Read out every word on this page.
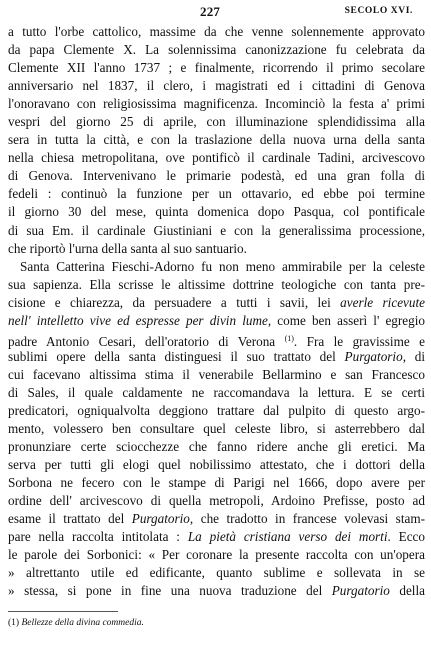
227	SECOLO XVI.
a tutto l'orbe cattolico, massime da che venne solennemente approvato
da papa Clemente X. La solennissima canonizzazione fu celebrata da
Clemente XII l'anno 1737 ; e finalmente, ricorrendo il primo secolare
anniversario nel 1837, il clero, i magistrati ed i cittadini di Genova
l'onoravano con religiosissima magnificenza. Incominciò la festa a' primi
vespri del giorno 25 di aprile, con illuminazione splendidissima alla
sera in tutta la città, e con la traslazione della nuova urna della santa
nella chiesa metropolitana, ove pontificò il cardinale Tadini, arcivescovo
di Genova. Intervenivano le primarie podestà, ed una gran folla di
fedeli : continuò la funzione per un ottavario, ed ebbe poi termine
il giorno 30 del mese, quinta domenica dopo Pasqua, col pontificale
di sua Em. il cardinale Giustiniani e con la generalissima processione,
che riportò l'urna della santa al suo santuario.
Santa Catterina Fieschi-Adorno fu non meno ammirabile per la celeste
sua sapienza. Ella scrisse le altissime dottrine teologiche con tanta pre-
cisione e chiarezza, da persuadere a tutti i savii, lei averle ricevute
nell' intelletto vive ed espresse per divin lume, come ben asserì l' egregio
padre Antonio Cesari, dell'oratorio di Verona $^{(1)}$. Fra le gravissime e
sublimi opere della santa distinguesi il suo trattato del Purgatorio, di
cui facevano altissima stima il venerabile Bellarmino e san Francesco
di Sales, il quale caldamente ne raccomandava la lettura. E se certi
predicatori, ogniqualvolta deggiono trattare dal pulpito di questo argo-
mento, volessero ben consultare quel celeste libro, si asterrebbero dal
pronunziare certe sciocchezze che fanno ridere anche gli eretici. Ma
serva per tutti gli elogi quel nobilissimo attestato, che i dottori della
Sorbona ne fecero con le stampe di Parigi nel 1666, dopo avere per
ordine dell' arcivescovo di quella metropoli, Ardoino Prefisse, posto ad
esame il trattato del Purgatorio, che tradotto in francese volevasi stam-
pare nella raccolta intitolata : La pietà cristiana verso dei morti. Ecco
le parole dei Sorbonici: « Per coronare la presente raccolta con un'opera
» altrettanto utile ed edificante, quanto sublime e sollevata in se
» stessa, si pone in fine una nuova traduzione del Purgatorio della
(1) Bellezze della divina commedia.
